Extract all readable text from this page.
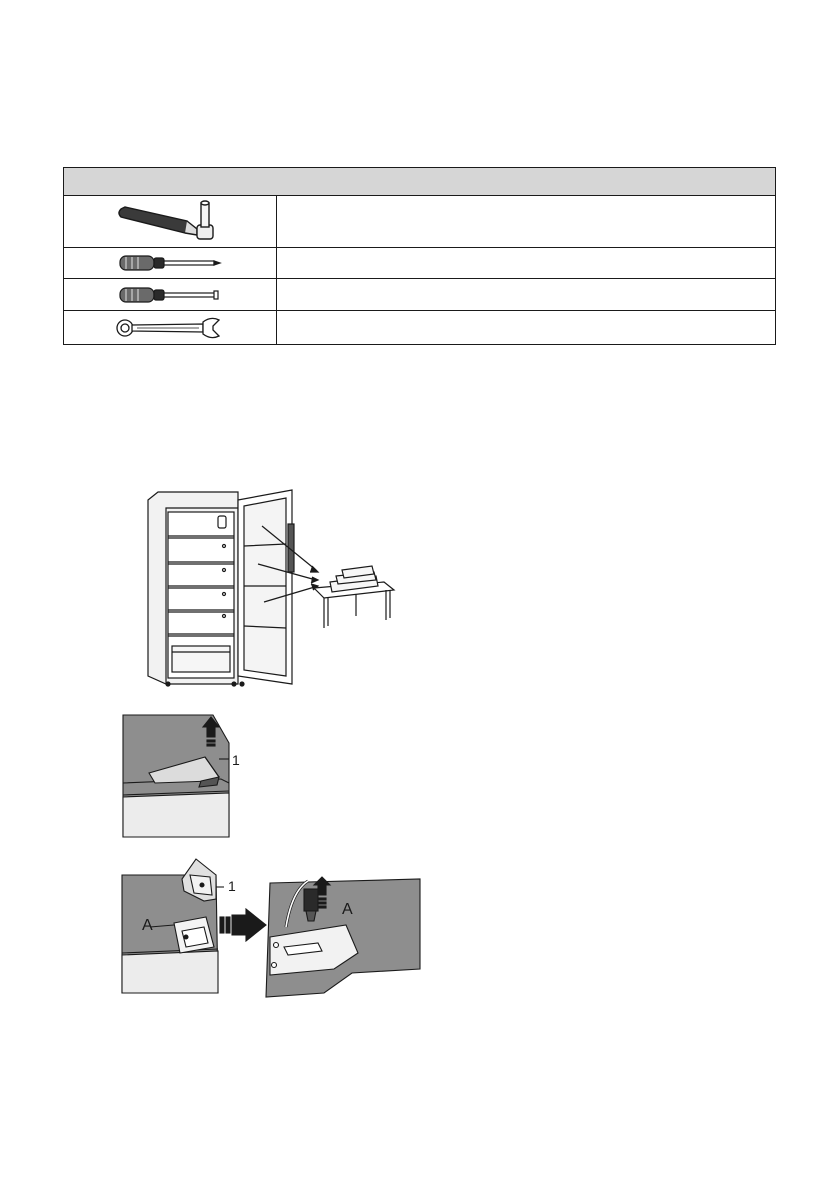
1
1
A
A
